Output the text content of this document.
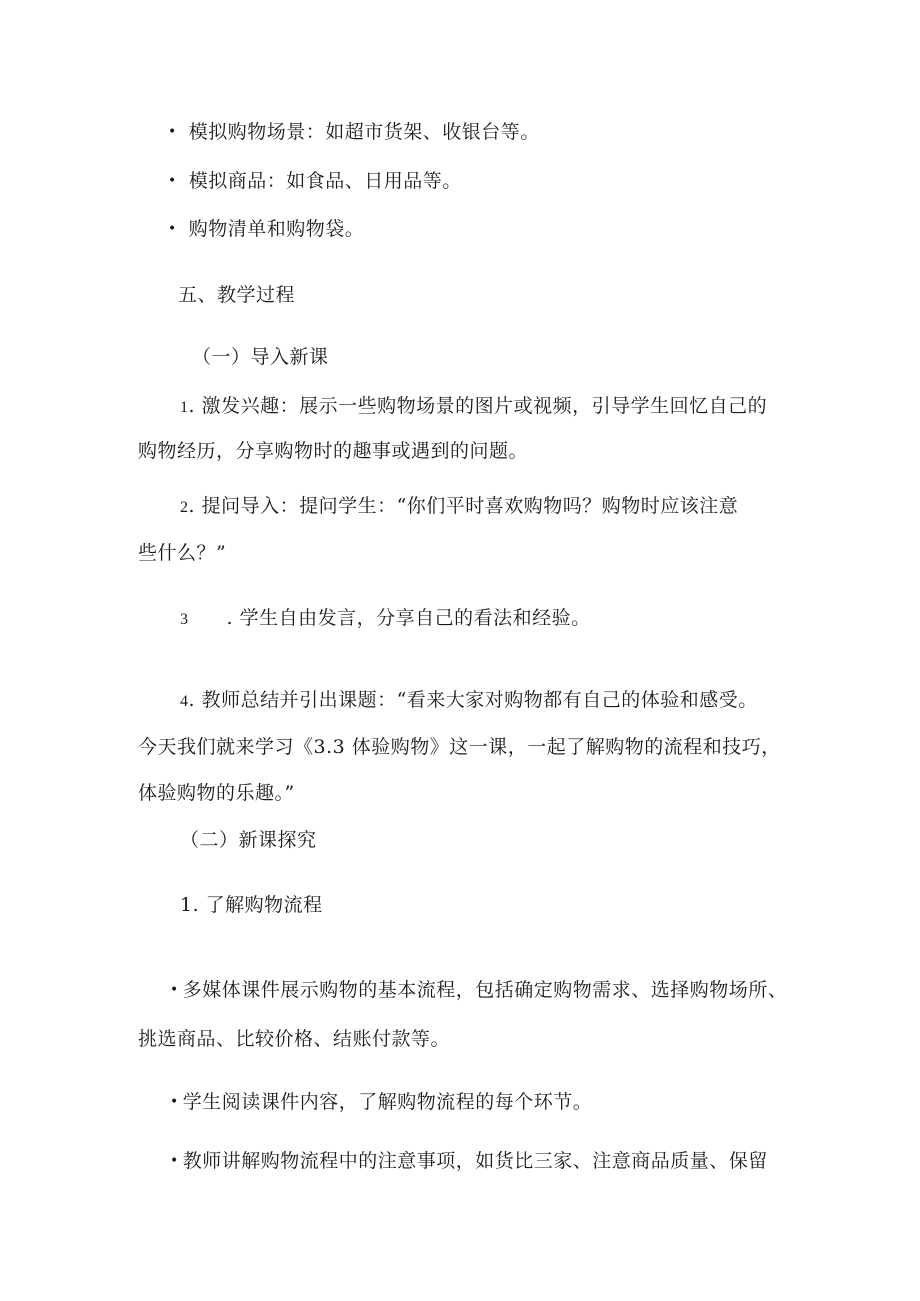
• 模拟购物场景：如超市货架、收银台等。
• 模拟商品：如食品、日用品等。
• 购物清单和购物袋。
五、教学过程
（一）导入新课
1. 激发兴趣：展示一些购物场景的图片或视频，引导学生回忆自己的
购物经历，分享购物时的趣事或遇到的问题。
2. 提问导入：提问学生：“你们平时喜欢购物吗？购物时应该注意
些什么？”
3 . 学生自由发言，分享自己的看法和经验。
4. 教师总结并引出课题：“看来大家对购物都有自己的体验和感受。
今天我们就来学习《3.3 体验购物》这一课，一起了解购物的流程和技巧，
体验购物的乐趣。”
（二）新课探究
1. 了解购物流程
• 多媒体课件展示购物的基本流程，包括确定购物需求、选择购物场所、
挑选商品、比较价格、结账付款等。
• 学生阅读课件内容，了解购物流程的每个环节。
• 教师讲解购物流程中的注意事项，如货比三家、注意商品质量、保留
